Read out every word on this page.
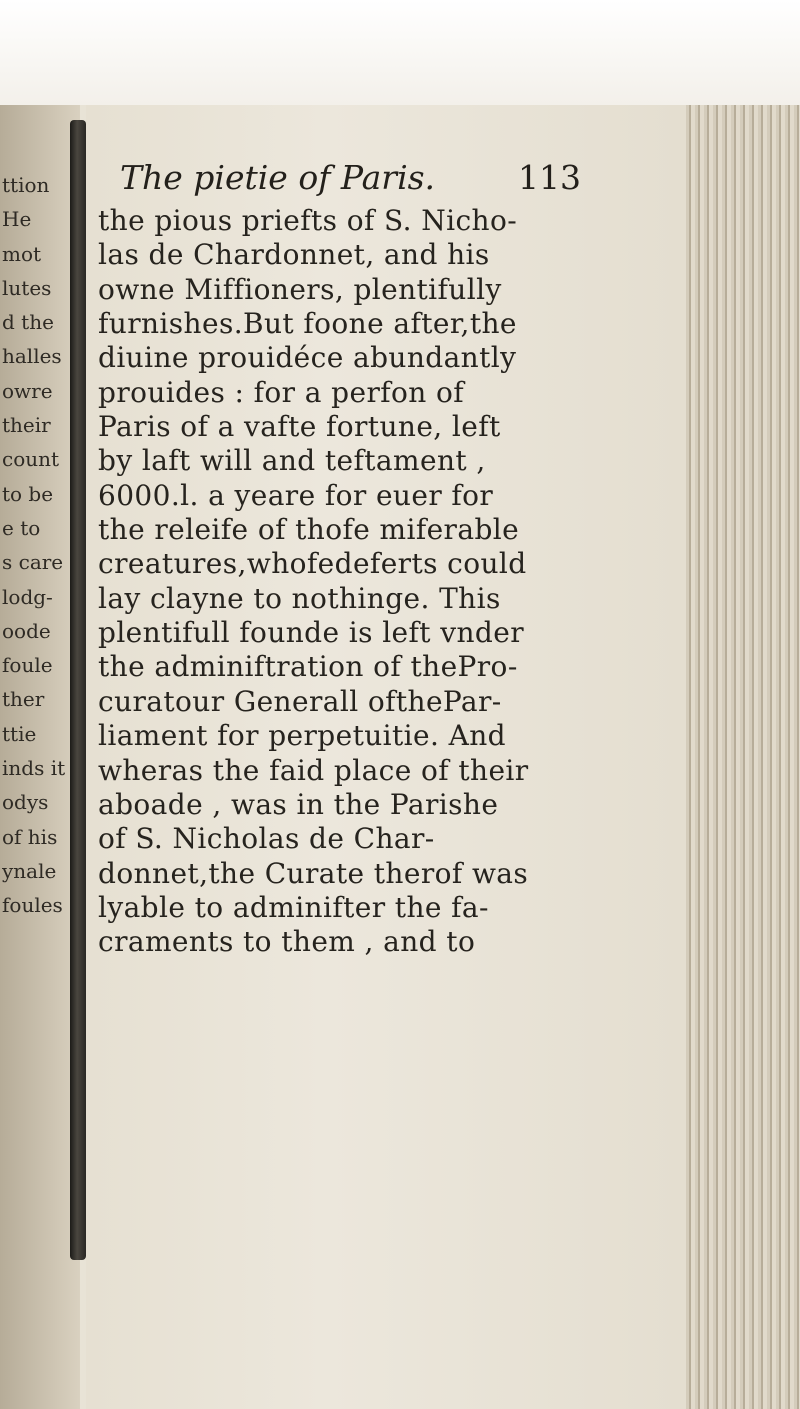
ttion
He
mot
lutes
d the
halles
owre
their
count
to be
e to
s care
lodg-
oode
foule
ther
ttie
inds it
odys
of his
ynale
foules
The pietie of Paris.	113
the pious priefts of S. Nicho-
las de Chardonnet, and his
owne Miffioners, plentifully
furnishes.But foone after,the
diuine prouidéce abundantly
prouides : for a perfon of
Paris of a vafte fortune, left
by laft will and teftament ,
6000.l. a yeare for euer for
the releife of thofe miferable
creatures,whofedeferts could
lay clayne to nothinge. This
plentifull founde is left vnder
the adminiftration of thePro-
curatour Generall ofthePar-
liament for perpetuitie. And
wheras the faid place of their
aboade , was in the Parishe
of S. Nicholas de Char-
donnet,the Curate therof was
lyable to adminifter the fa-
craments to them , and to
